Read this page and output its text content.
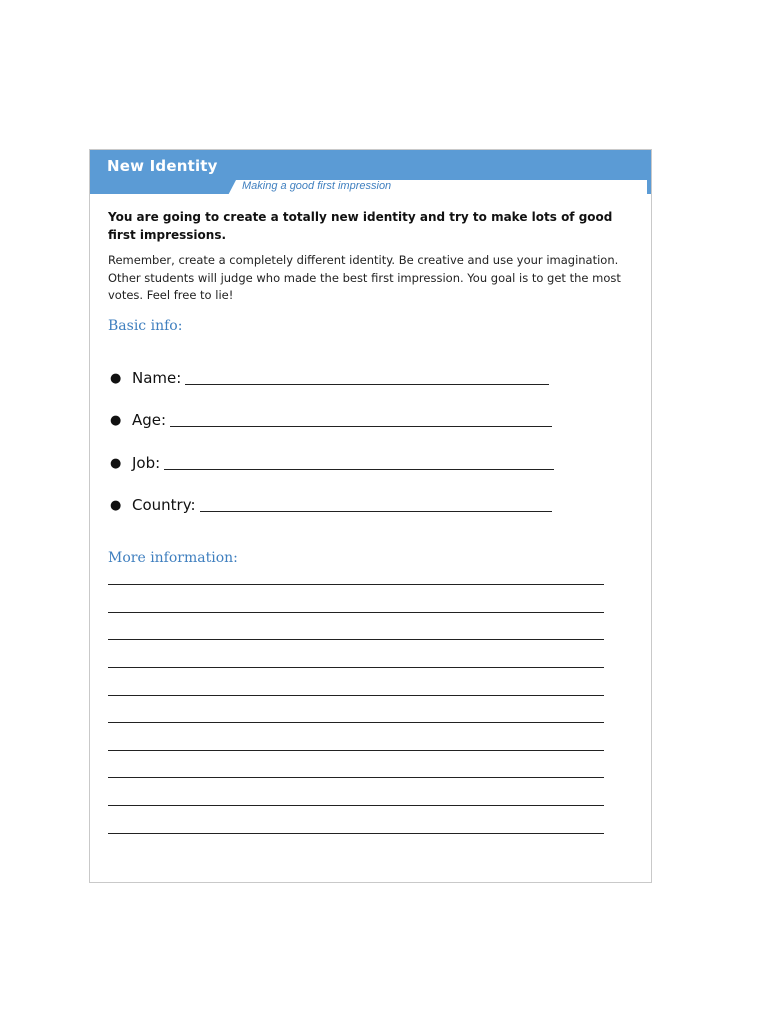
New Identity
Making a good first impression
You are going to create a totally new identity and try to make lots of good first impressions.
Remember, create a completely different identity. Be creative and use your imagination. Other students will judge who made the best first impression. You goal is to get the most votes. Feel free to lie!
Basic info:
● Name:
● Age:
● Job:
● Country:
More information:
